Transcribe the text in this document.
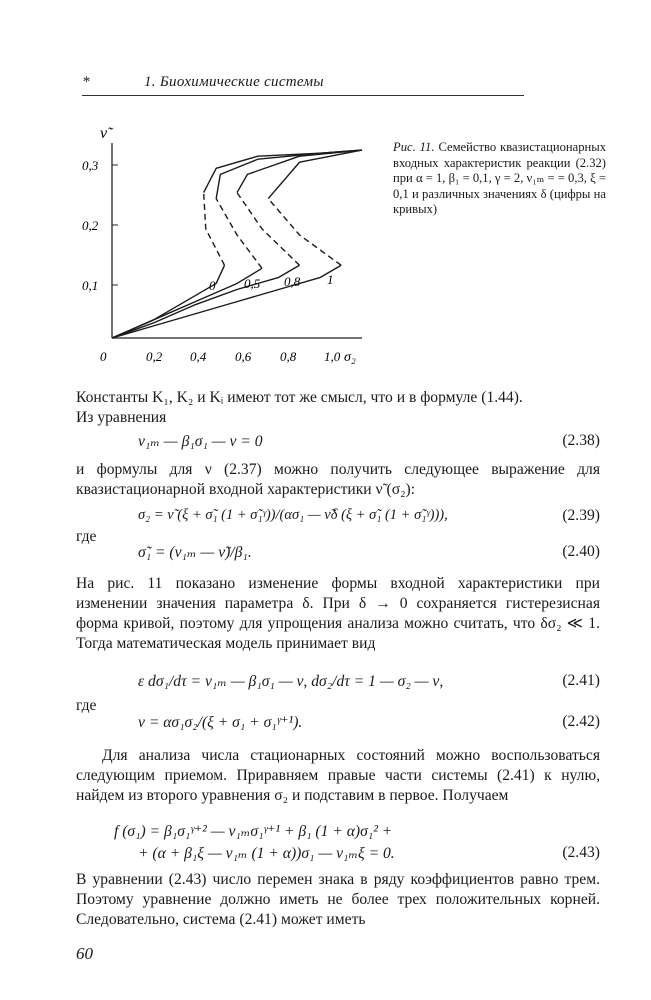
*	1. Биохимические системы
ν̃
0,3
0,2
0,1
0	0,2 0,4 0,6 0,8 1,0 σ₂
0 0,5 0,8 1
Рис. 11. Семейство квазистационарных входных характеристик реакции (2.32) при α = 1, β₁ = 0,1, γ = 2, ν₁ₘ = = 0,3, ξ = 0,1 и различных значениях δ (цифры на кривых)
Константы K₁, K₂ и Kᵢ имеют тот же смысл, что и в формуле (1.44).
Из уравнения
ν₁ₘ — β₁σ₁ — ν = 0	(2.38)
и формулы для ν (2.37) можно получить следующее выражение для квазистационарной входной характеристики ν̃ (σ₂):
σ₂ = ν̃ (ξ + σ̃₁ (1 + σ̃₁ᵞ))/(ασ₁ — ν̃δ (ξ + σ̃₁ (1 + σ̃₁ᵞ))),	(2.39)
где
σ̃₁ = (ν₁ₘ — ν̃)/β₁.	(2.40)
На рис. 11 показано изменение формы входной характеристики при изменении значения параметра δ. При δ → 0 сохраняется гистерезисная форма кривой, поэтому для упрощения анализа можно считать, что δσ₂ ≪ 1. Тогда математическая модель принимает вид
ε dσ₁/dτ = ν₁ₘ — β₁σ₁ — ν, dσ₂/dτ = 1 — σ₂ — ν,	(2.41)
где
ν = ασ₁σ₂/(ξ + σ₁ + σ₁ᵞ⁺¹).	(2.42)
Для анализа числа стационарных состояний можно воспользоваться следующим приемом. Приравняем правые части системы (2.41) к нулю, найдем из второго уравнения σ₂ и подставим в первое. Получаем
f (σ₁) = β₁σ₁ᵞ⁺² — ν₁ₘσ₁ᵞ⁺¹ + β₁ (1 + α)σ₁² +
+ (α + β₁ξ — ν₁ₘ (1 + α))σ₁ — ν₁ₘξ = 0.	(2.43)
В уравнении (2.43) число перемен знака в ряду коэффициентов равно трем. Поэтому уравнение должно иметь не более трех положительных корней. Следовательно, система (2.41) может иметь
60
